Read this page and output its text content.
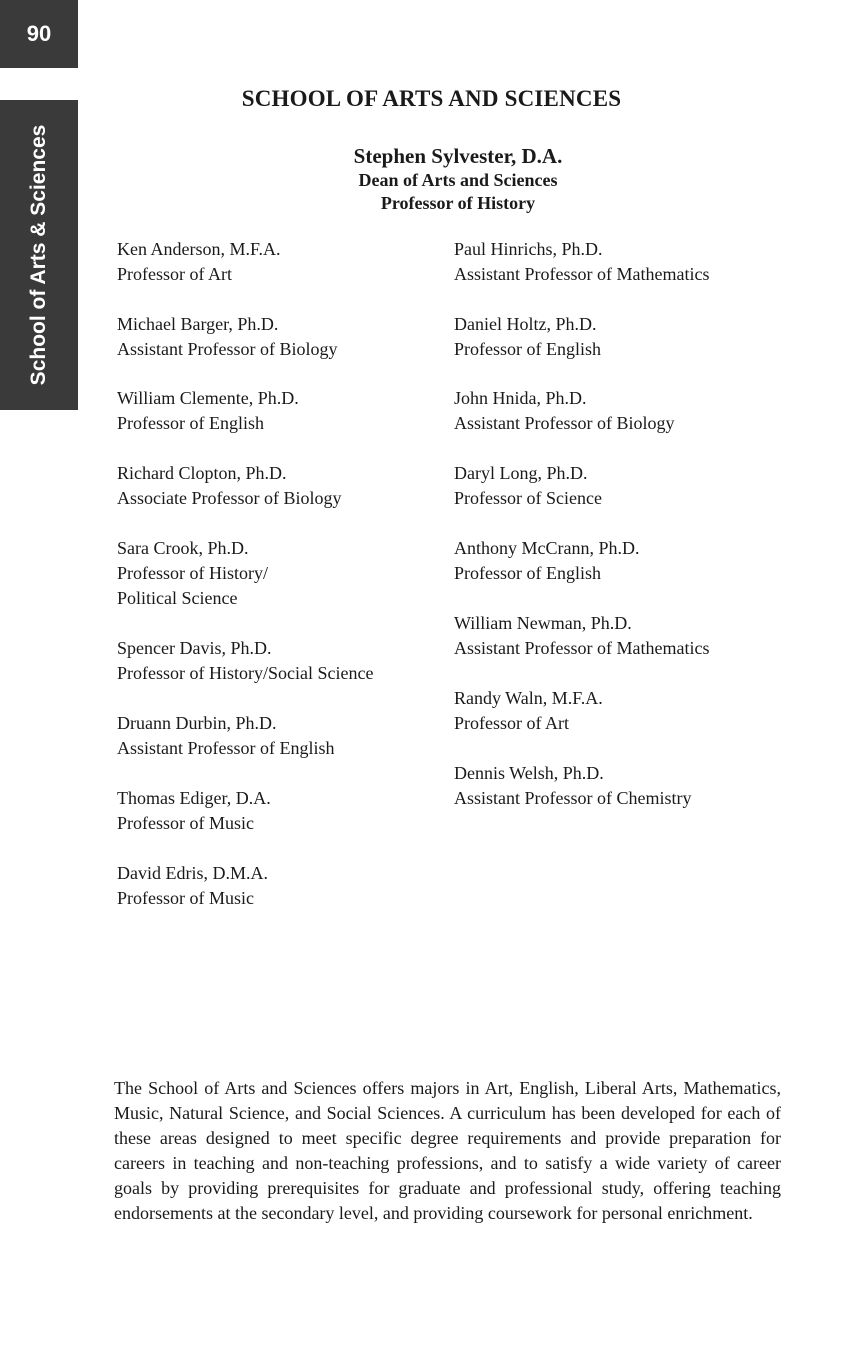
90
School of Arts & Sciences
SCHOOL OF ARTS AND SCIENCES
Stephen Sylvester, D.A.
Dean of Arts and Sciences
Professor of History
Ken Anderson, M.F.A.
Professor of Art
Michael Barger, Ph.D.
Assistant Professor of Biology
William Clemente, Ph.D.
Professor of English
Richard Clopton, Ph.D.
Associate Professor of Biology
Sara Crook, Ph.D.
Professor of History/
Political Science
Spencer Davis, Ph.D.
Professor of History/Social Science
Druann Durbin, Ph.D.
Assistant Professor of English
Thomas Ediger, D.A.
Professor of Music
David Edris, D.M.A.
Professor of Music
Paul Hinrichs, Ph.D.
Assistant Professor of Mathematics
Daniel Holtz, Ph.D.
Professor of English
John Hnida, Ph.D.
Assistant Professor of Biology
Daryl Long, Ph.D.
Professor of Science
Anthony McCrann, Ph.D.
Professor of English
William Newman, Ph.D.
Assistant Professor of Mathematics
Randy Waln, M.F.A.
Professor of Art
Dennis Welsh, Ph.D.
Assistant Professor of Chemistry

The School of Arts and Sciences offers majors in Art, English, Liberal Arts, Mathematics, Music, Natural Science, and Social Sciences. A curriculum has been developed for each of these areas designed to meet specific degree requirements and provide preparation for careers in teaching and non-teaching professions, and to satisfy a wide variety of career goals by providing prerequisites for graduate and professional study, offering teaching endorsements at the secondary level, and providing coursework for personal enrichment.
